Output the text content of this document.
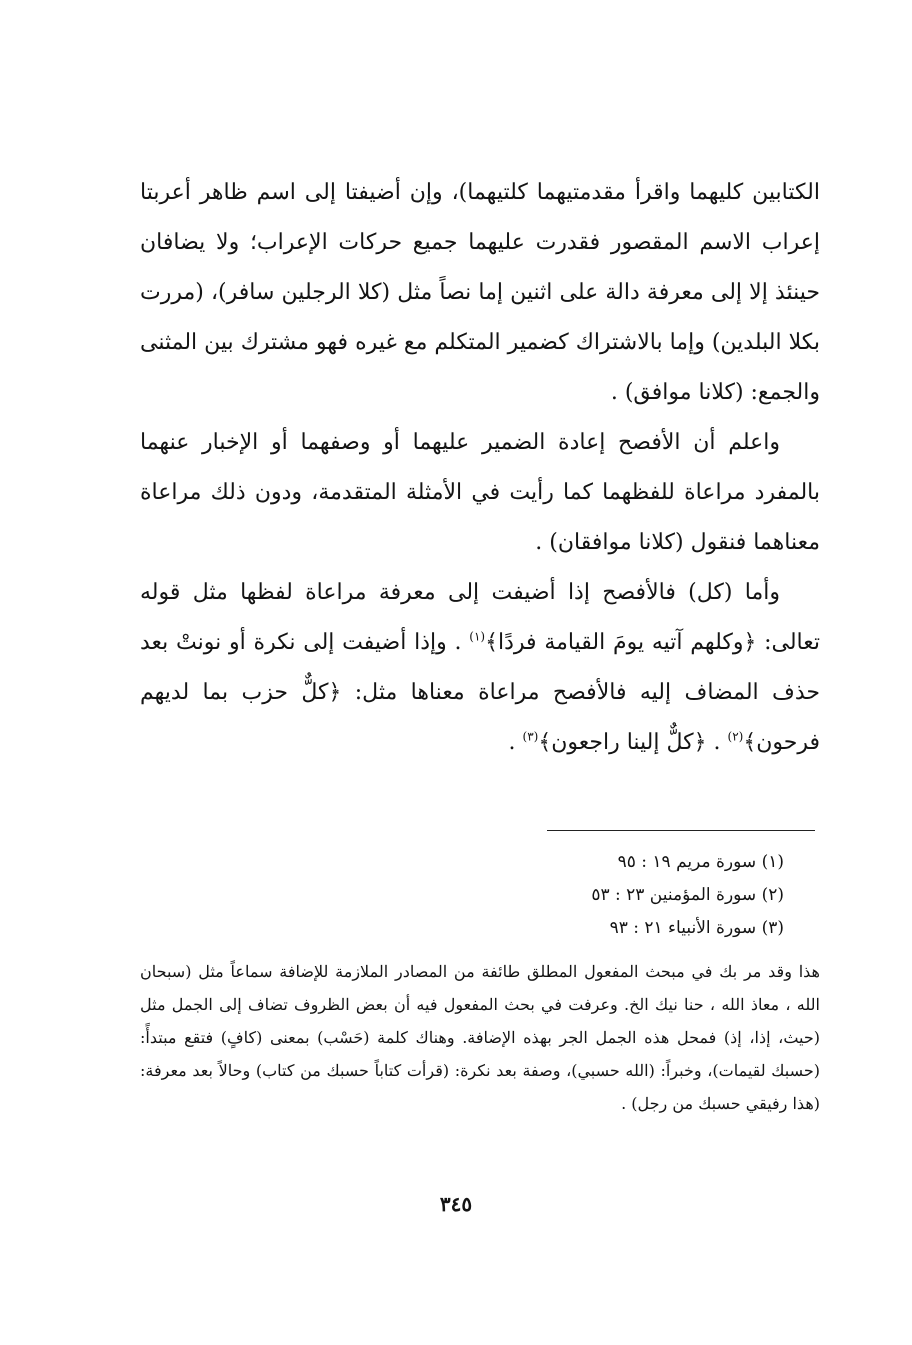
الكتابين كليهما واقرأ مقدمتيهما كلتيهما)، وإن أضيفتا إلى اسم ظاهر أعربتا إعراب الاسم المقصور فقدرت عليهما جميع حركات الإعراب؛ ولا يضافان حينئذ إلا إلى معرفة دالة على اثنين إما نصاً مثل (كلا الرجلين سافر)، (مررت بكلا البلدين) وإما بالاشتراك كضمير المتكلم مع غيره فهو مشترك بين المثنى والجمع: (كلانا موافق) .

واعلم أن الأفصح إعادة الضمير عليهما أو وصفهما أو الإخبار عنهما بالمفرد مراعاة للفظهما كما رأيت في الأمثلة المتقدمة، ودون ذلك مراعاة معناهما فنقول (كلانا موافقان) .

وأما (كل) فالأفصح إذا أضيفت إلى معرفة مراعاة لفظها مثل قوله تعالى: ﴿وكلهم آتيه يومَ القيامة فردًا﴾$^{(١)}$ . وإذا أضيفت إلى نكرة أو نونتْ بعد حذف المضاف إليه فالأفصح مراعاة معناها مثل: ﴿كلٌّ حزب بما لديهم فرحون﴾$^{(٢)}$ . ﴿كلٌّ إلينا راجعون﴾$^{(٣)}$ .

(١) سورة مريم ١٩ : ٩٥

(٢) سورة المؤمنين ٢٣ : ٥٣

(٣) سورة الأنبياء ٢١ : ٩٣

هذا وقد مر بك في مبحث المفعول المطلق طائفة من المصادر الملازمة للإضافة سماعاً مثل (سبحان الله ، معاذ الله ، حنا نيك الخ. وعرفت في بحث المفعول فيه أن بعض الظروف تضاف إلى الجمل مثل (حيث، إذا، إذ) فمحل هذه الجمل الجر بهذه الإضافة. وهناك كلمة (حَسْب) بمعنى (كافٍ) فتقع مبتدأً: (حسبك لقيمات)، وخبراً: (الله حسبي)، وصفة بعد نكرة: (قرأت كتاباً حسبك من كتاب) وحالاً بعد معرفة: (هذا رفيقي حسبك من رجل) .

٣٤٥
